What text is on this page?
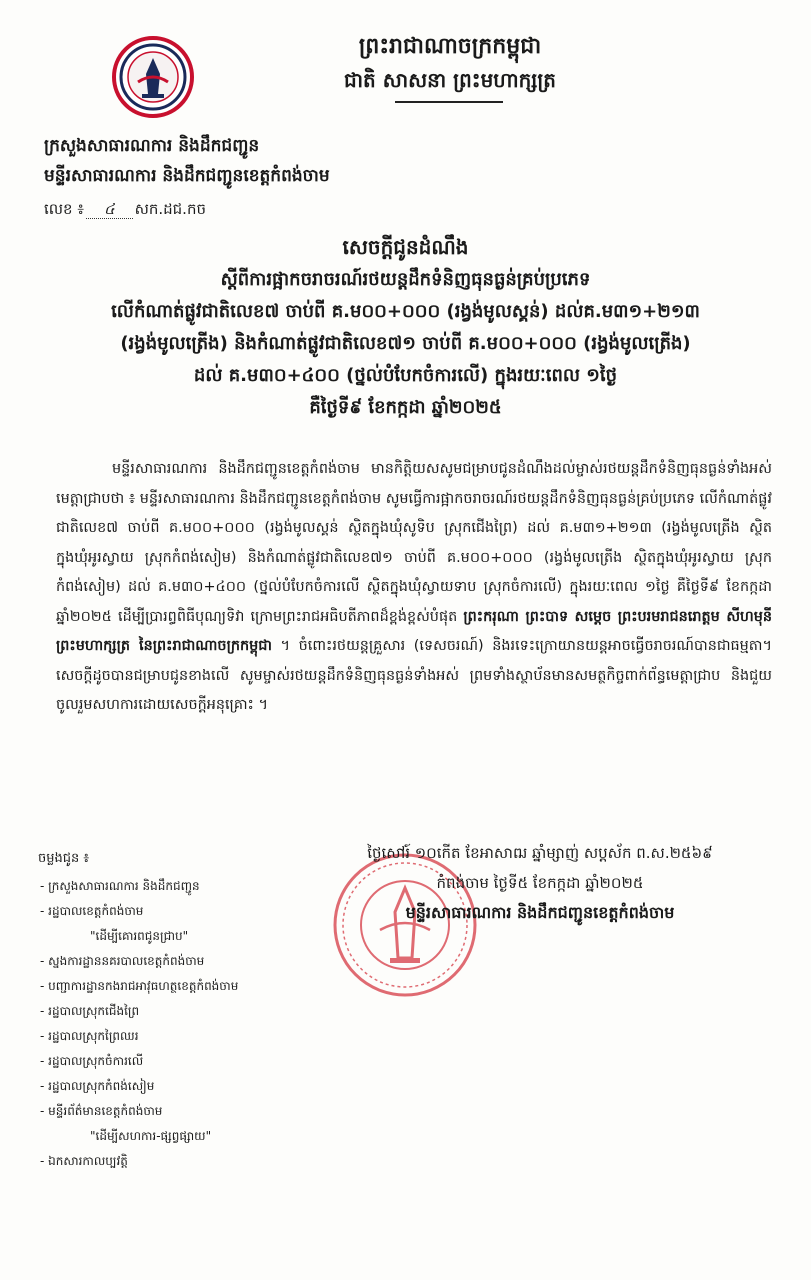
ព្រះរាជាណាចក្រកម្ពុជា
ជាតិ សាសនា ព្រះមហាក្សត្រ
ក្រសួងសាធារណការ និងដឹកជញ្ជូន
មន្ទីរសាធារណការ និងដឹកជញ្ជូនខេត្តកំពង់ចាម
លេខ ៖ ៤ សក.ដជ.កច
សេចក្តីជូនដំណឹង
ស្តីពីការផ្អាកចរាចរណ៍រថយន្តដឹកទំនិញធុនធ្ងន់គ្រប់ប្រភេទ
លើកំណាត់ផ្លូវជាតិលេខ៧ ចាប់ពី គ.ម០០+០០០ (រង្វង់មូលស្គន់) ដល់គ.ម៣១+២១៣
(រង្វង់មូលត្រើង) និងកំណាត់ផ្លូវជាតិលេខ៧១ ចាប់ពី គ.ម០០+០០០ (រង្វង់មូលត្រើង)
ដល់ គ.ម៣០+៤០០ (ថ្នល់បំបែកចំការលើ) ក្នុងរយៈពេល ១ថ្ងៃ
គឺថ្ងៃទី៩ ខែកក្កដា ឆ្នាំ២០២៥
មន្ទីរសាធារណការ និងដឹកជញ្ជូនខេត្តកំពង់ចាម មានកិត្តិយសសូមជម្រាបជូនដំណឹងដល់ម្ចាស់រថយន្តដឹកទំនិញធុនធ្ងន់ទាំងអស់ មេត្តាជ្រាបថា ៖ មន្ទីរសាធារណការ និងដឹកជញ្ជូនខេត្តកំពង់ចាម សូមធ្វើការផ្អាកចរាចរណ៍រថយន្តដឹកទំនិញធុនធ្ងន់គ្រប់ប្រភេទ លើកំណាត់ផ្លូវជាតិលេខ៧ ចាប់ពី គ.ម០០+០០០ (រង្វង់មូលស្គន់ ស្ថិតក្នុងឃុំសូទិប ស្រុកជើងព្រៃ) ដល់ គ.ម៣១+២១៣ (រង្វង់មូលត្រើង ស្ថិតក្នុងឃុំអូរស្វាយ ស្រុកកំពង់សៀម) និងកំណាត់ផ្លូវជាតិលេខ៧១ ចាប់ពី គ.ម០០+០០០ (រង្វង់មូលត្រើង ស្ថិតក្នុងឃុំអូរស្វាយ ស្រុកកំពង់សៀម) ដល់ គ.ម៣០+៤០០ (ថ្នល់បំបែកចំការលើ ស្ថិតក្នុងឃុំស្វាយទាប ស្រុកចំការលើ) ក្នុងរយៈពេល ១ថ្ងៃ គឺថ្ងៃទី៩ ខែកក្កដា ឆ្នាំ២០២៥ ដើម្បីប្រារព្ធពិធីបុណ្យទិវា ក្រោមព្រះរាជអធិបតីភាពដ៏ខ្ពង់ខ្ពស់បំផុត ព្រះករុណា ព្រះបាទ សម្តេច ព្រះបរមរាជនរោត្តម សីហមុនី ព្រះមហាក្សត្រ នៃព្រះរាជាណាចក្រកម្ពុជា ។ ចំពោះរថយន្តគ្រួសារ (ទេសចរណ៍) និងរទេះក្រោយានយន្តអាចធ្វើចរាចរណ៍បានជាធម្មតា។ សេចក្តីដូចបានជម្រាបជូនខាងលើ សូមម្ចាស់រថយន្តដឹកទំនិញធុនធ្ងន់ទាំងអស់ ព្រមទាំងស្ថាប័នមានសមត្ថកិច្ចពាក់ព័ន្ធមេត្តាជ្រាប និងជួយចូលរួមសហការដោយសេចក្តីអនុគ្រោះ ។
ចម្លងជូន ៖
- ក្រសួងសាធារណការ និងដឹកជញ្ជូន
- រដ្ឋបាលខេត្តកំពង់ចាម
"ដើម្បីគោរពជូនជ្រាប"
- ស្នងការដ្ឋាននគរបាលខេត្តកំពង់ចាម
- បញ្ជាការដ្ឋានកងរាជអាវុធហត្ថខេត្តកំពង់ចាម
- រដ្ឋបាលស្រុកជើងព្រៃ
- រដ្ឋបាលស្រុកព្រៃឈរ
- រដ្ឋបាលស្រុកចំការលើ
- រដ្ឋបាលស្រុកកំពង់សៀម
- មន្ទីរព័ត៌មានខេត្តកំពង់ចាម
"ដើម្បីសហការ-ផ្សព្វផ្សាយ"
- ឯកសារកាលប្បវត្តិ
ថ្ងៃសៅរ៍ ១០កើត ខែអាសាឍ ឆ្នាំម្សាញ់ សប្តស័ក ព.ស.២៥៦៩
កំពង់ចាម ថ្ងៃទី៥ ខែកក្កដា ឆ្នាំ២០២៥
មន្ទីរសាធារណការ និងដឹកជញ្ជូនខេត្តកំពង់ចាម
